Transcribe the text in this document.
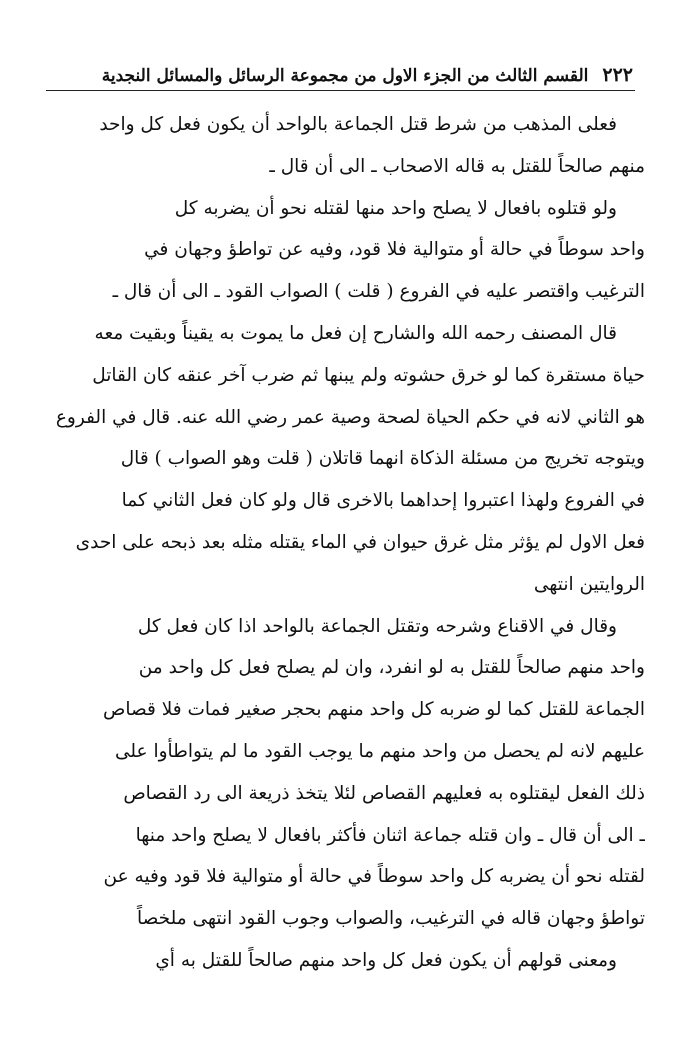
٢٢٢
القسم الثالث من الجزء الاول من مجموعة الرسائل والمسائل النجدية
فعلى المذهب من شرط قتل الجماعة بالواحد أن يكون فعل كل واحد
منهم صالحاً للقتل به قاله الاصحاب ـ الى أن قال ـ
ولو قتلوه بافعال لا يصلح واحد منها لقتله نحو أن يضربه كل
واحد سوطاً في حالة أو متوالية فلا قود، وفيه عن تواطؤ وجهان في
الترغيب واقتصر عليه في الفروع ( قلت ) الصواب القود ـ الى أن قال ـ
قال المصنف رحمه الله والشارح إن فعل ما يموت به يقيناً وبقيت معه
حياة مستقرة كما لو خرق حشوته ولم يبنها ثم ضرب آخر عنقه كان القاتل
هو الثاني لانه في حكم الحياة لصحة وصية عمر رضي الله عنه. قال في الفروع
ويتوجه تخريج من مسئلة الذكاة انهما قاتلان ( قلت وهو الصواب ) قال
في الفروع ولهذا اعتبروا إحداهما بالاخرى قال ولو كان فعل الثاني كما
فعل الاول لم يؤثر مثل غرق حيوان في الماء يقتله مثله بعد ذبحه على احدى
الروايتين انتهى
وقال في الاقناع وشرحه وتقتل الجماعة بالواحد اذا كان فعل كل
واحد منهم صالحاً للقتل به لو انفرد، وان لم يصلح فعل كل واحد من
الجماعة للقتل كما لو ضربه كل واحد منهم بحجر صغير فمات فلا قصاص
عليهم لانه لم يحصل من واحد منهم ما يوجب القود ما لم يتواطأوا على
ذلك الفعل ليقتلوه به فعليهم القصاص لئلا يتخذ ذريعة الى رد القصاص
ـ الى أن قال ـ وان قتله جماعة اثنان فأكثر بافعال لا يصلح واحد منها
لقتله نحو أن يضربه كل واحد سوطاً في حالة أو متوالية فلا قود وفيه عن
تواطؤ وجهان قاله في الترغيب، والصواب وجوب القود انتهى ملخصاً
ومعنى قولهم أن يكون فعل كل واحد منهم صالحاً للقتل به أي
